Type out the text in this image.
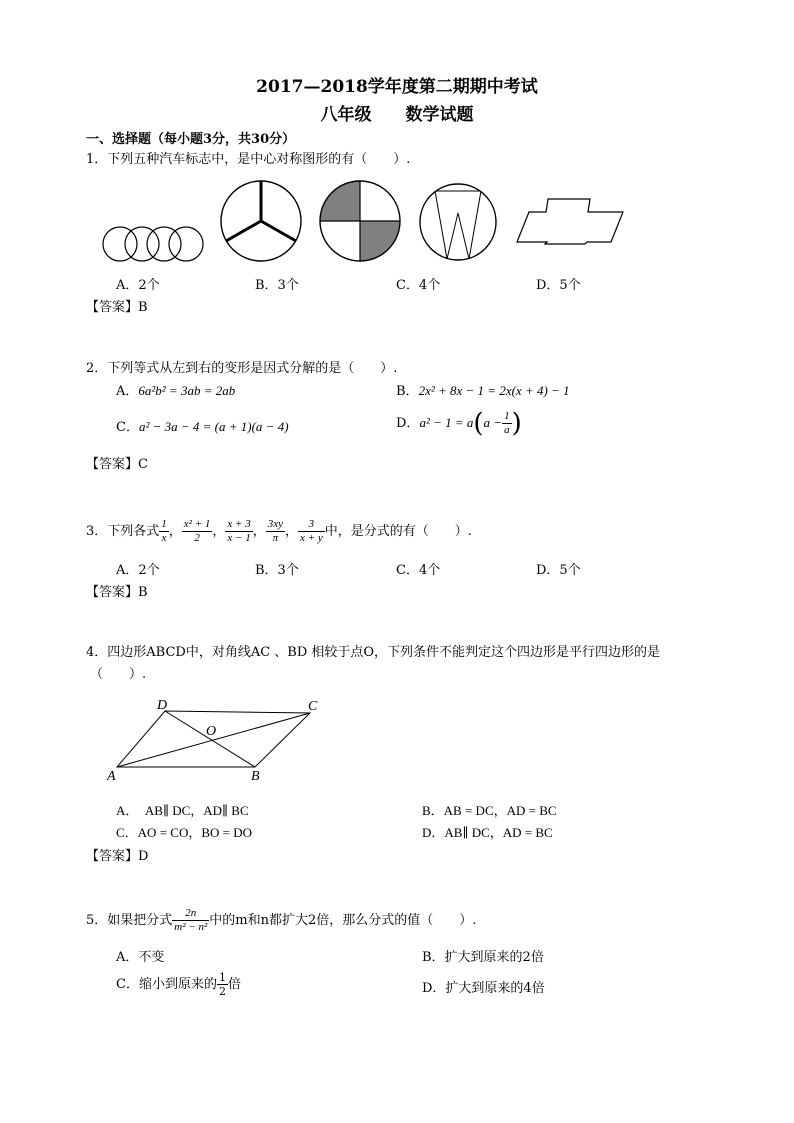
2017—2018学年度第二期期中考试
八年级　　数学试题
一、选择题（每小题3分，共30分）
1．下列五种汽车标志中，是中心对称图形的有（　　）.
A．2个	B．3个	C．4个	D．5个
【答案】B
2．下列等式从左到右的变形是因式分解的是（　　）.
A．6a²b² = 3ab = 2ab	B．2x² + 8x − 1 = 2x(x + 4) − 1
C．a² − 3a − 4 = (a + 1)(a − 4)	D．$a^2 - 1 = a(a - \frac{1}{a}$ )
【答案】C
3．下列各式 $\frac{1}{x}$ ， $\frac{\text{x² + 1}}{2}$ ， $\frac{x + 3}{x - 1}$ ， $\frac{3xy}{\pi}$ ， $\frac{3}{x + y}$ 中，是分式的有（　　）.
A．2个	B．3个	C．4个	D．5个
【答案】B
4．四边形ABCD中，对角线AC 、BD 相较于点O，下列条件不能判定这个四边形是平行四边形的是
（　　）.
D	C
O
A	B
A．　AB∥ DC，AD∥ BC	B．AB = DC，AD = BC
C．AO = CO，BO = DO	D．AB∥ DC，AD = BC
【答案】D
5．如果把分式 $\frac{2n}{\text{m² − n²}}$ 中的m和n都扩大2倍，那么分式的值（　　）.
A．不变	B．扩大到原来的2倍
C．缩小到原来的 $\frac{1}{2}$ 倍	D．扩大到原来的4倍
